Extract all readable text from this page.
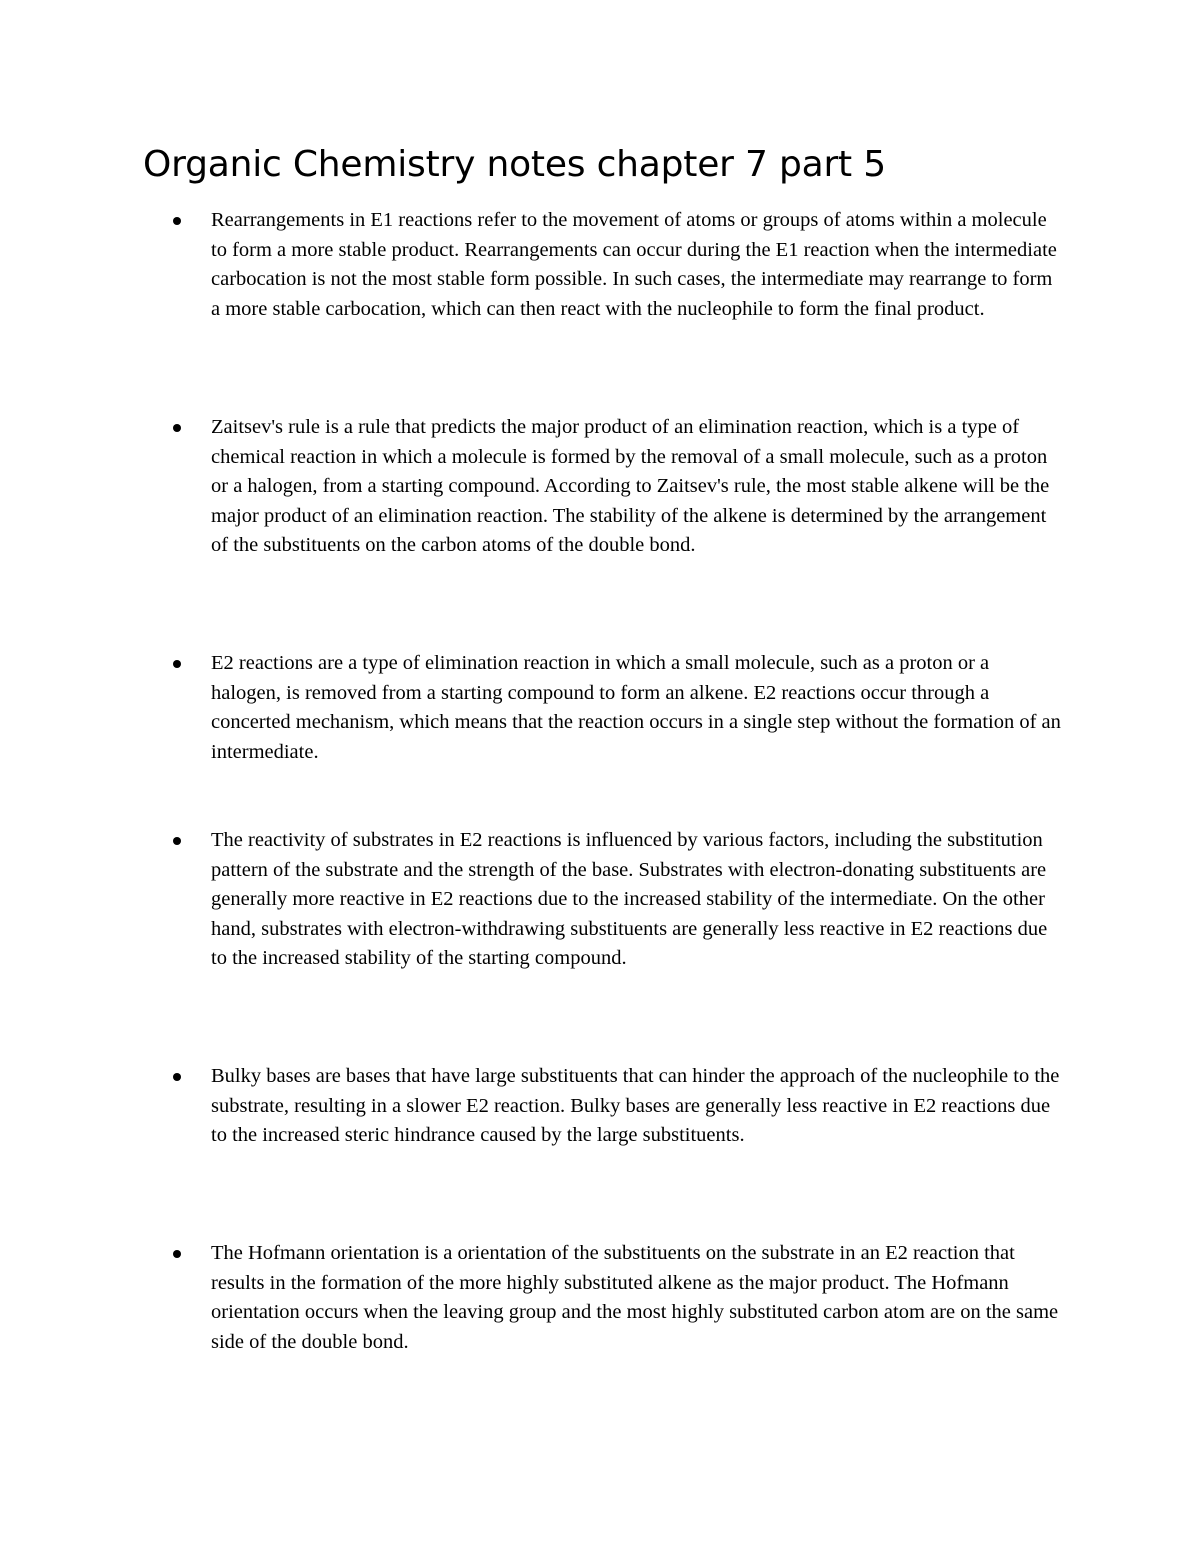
Organic Chemistry notes chapter 7 part 5
Rearrangements in E1 reactions refer to the movement of atoms or groups of atoms within a molecule to form a more stable product. Rearrangements can occur during the E1 reaction when the intermediate carbocation is not the most stable form possible. In such cases, the intermediate may rearrange to form a more stable carbocation, which can then react with the nucleophile to form the final product.
Zaitsev's rule is a rule that predicts the major product of an elimination reaction, which is a type of chemical reaction in which a molecule is formed by the removal of a small molecule, such as a proton or a halogen, from a starting compound. According to Zaitsev's rule, the most stable alkene will be the major product of an elimination reaction. The stability of the alkene is determined by the arrangement of the substituents on the carbon atoms of the double bond.
E2 reactions are a type of elimination reaction in which a small molecule, such as a proton or a halogen, is removed from a starting compound to form an alkene. E2 reactions occur through a concerted mechanism, which means that the reaction occurs in a single step without the formation of an intermediate.
The reactivity of substrates in E2 reactions is influenced by various factors, including the substitution pattern of the substrate and the strength of the base. Substrates with electron-donating substituents are generally more reactive in E2 reactions due to the increased stability of the intermediate. On the other hand, substrates with electron-withdrawing substituents are generally less reactive in E2 reactions due to the increased stability of the starting compound.
Bulky bases are bases that have large substituents that can hinder the approach of the nucleophile to the substrate, resulting in a slower E2 reaction. Bulky bases are generally less reactive in E2 reactions due to the increased steric hindrance caused by the large substituents.
The Hofmann orientation is a orientation of the substituents on the substrate in an E2 reaction that results in the formation of the more highly substituted alkene as the major product. The Hofmann orientation occurs when the leaving group and the most highly substituted carbon atom are on the same side of the double bond.
